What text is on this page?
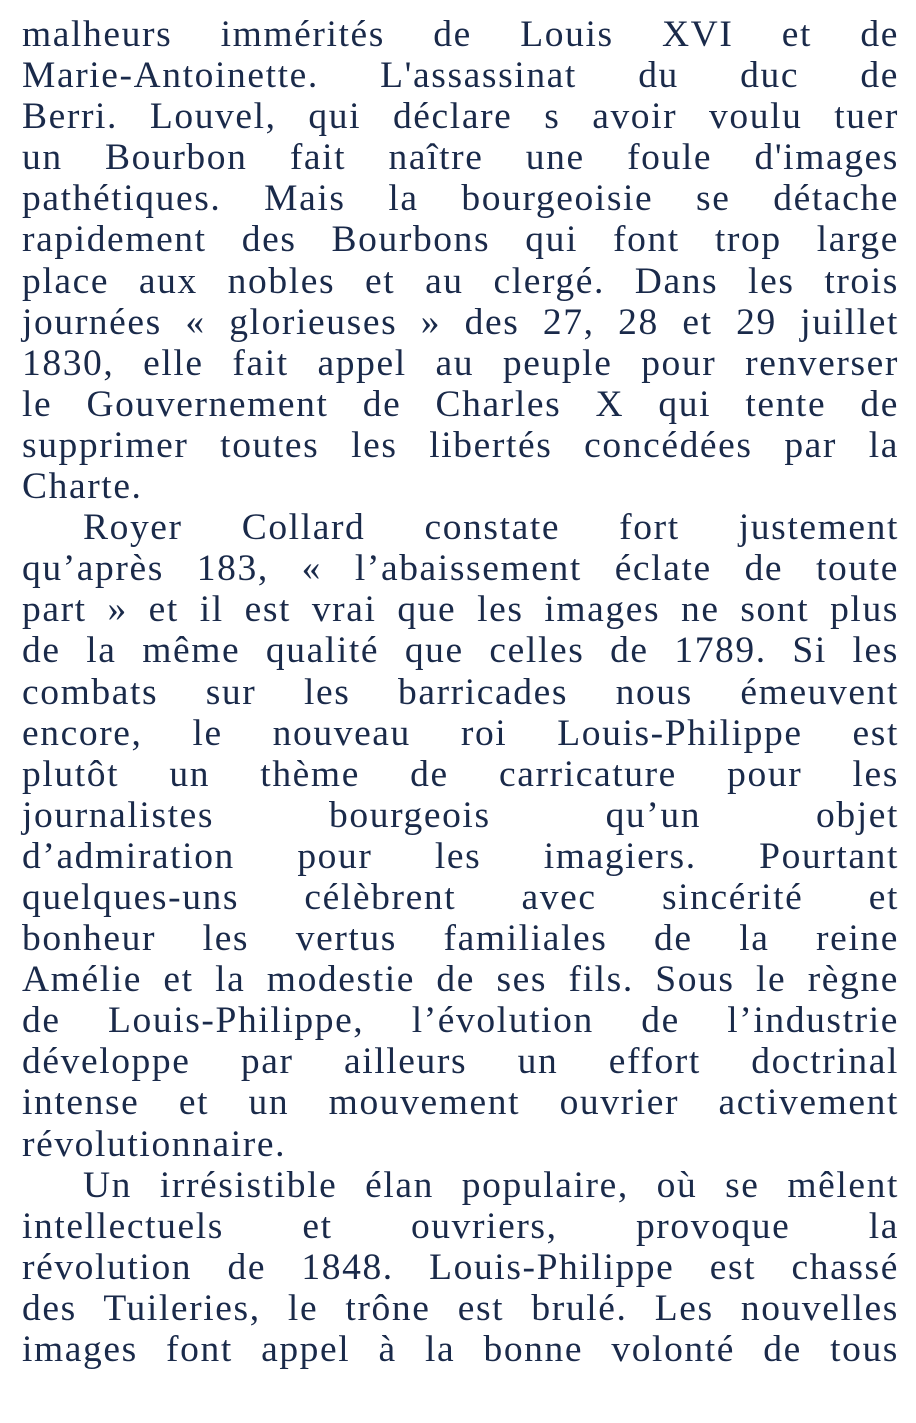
malheurs immérités de Louis XVI et de
Marie-Antoinette. L'assassinat du duc de
Berri. Louvel, qui déclare s avoir voulu tuer
un Bourbon fait naître une foule d'images
pathétiques. Mais la bourgeoisie se détache
rapidement des Bourbons qui font trop large
place aux nobles et au clergé. Dans les trois
journées « glorieuses » des 27, 28 et 29 juillet
1830, elle fait appel au peuple pour renverser
le Gouvernement de Charles X qui tente de
supprimer toutes les libertés concédées par la
Charte.

Royer Collard constate fort justement
qu’après 183, « l’abaissement éclate de toute
part » et il est vrai que les images ne sont plus
de la même qualité que celles de 1789. Si les
combats sur les barricades nous émeuvent
encore, le nouveau roi Louis-Philippe est
plutôt un thème de carricature pour les
journalistes bourgeois qu’un objet
d’admiration pour les imagiers. Pourtant
quelques-uns célèbrent avec sincérité et
bonheur les vertus familiales de la reine
Amélie et la modestie de ses fils. Sous le règne
de Louis-Philippe, l’évolution de l’industrie
développe par ailleurs un effort doctrinal
intense et un mouvement ouvrier activement
révolutionnaire.

Un irrésistible élan populaire, où se mêlent
intellectuels et ouvriers, provoque la
révolution de 1848. Louis-Philippe est chassé
des Tuileries, le trône est brulé. Les nouvelles
images font appel à la bonne volonté de tous
